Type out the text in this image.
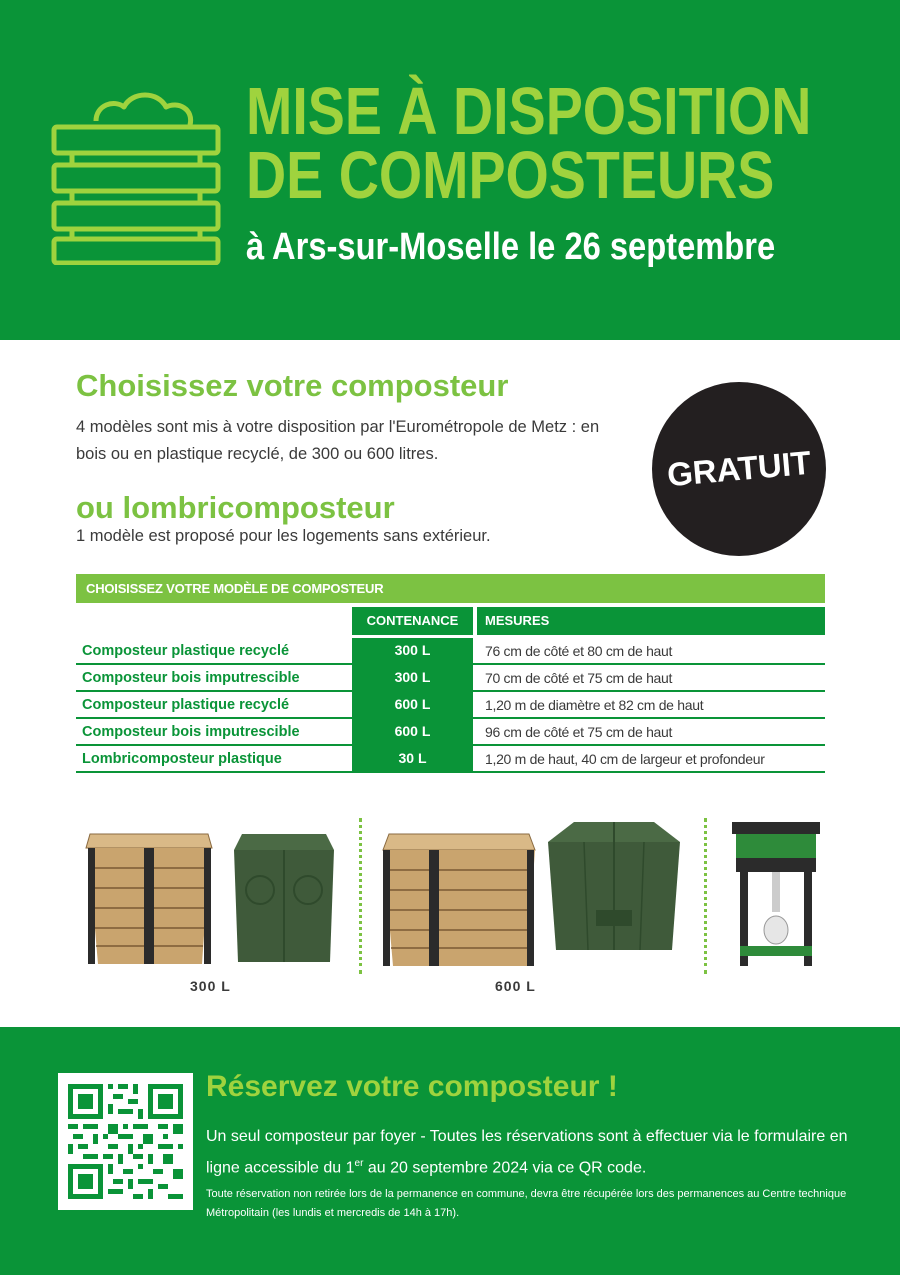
MISE À DISPOSITION
DE COMPOSTEURS
à Ars-sur-Moselle le 26 septembre
Choisissez votre composteur
4 modèles sont mis à votre disposition par l'Eurométropole de Metz : en bois ou en plastique recyclé, de 300 ou 600 litres.
ou lombricomposteur
1 modèle est proposé pour les logements sans extérieur.
GRATUIT
CHOISISSEZ VOTRE MODÈLE DE COMPOSTEUR
CONTENANCE	MESURES
Composteur plastique recyclé	300 L	76 cm de côté et 80 cm de haut
Composteur bois imputrescible	300 L	70 cm de côté et 75 cm de haut
Composteur plastique recyclé	600 L	1,20 m de diamètre et 82 cm de haut
Composteur bois imputrescible	600 L	96 cm de côté et 75 cm de haut
Lombricomposteur plastique	30 L	1,20 m de haut, 40 cm de largeur et profondeur
300 L	600 L
Réservez votre composteur !
Un seul composteur par foyer - Toutes les réservations sont à effectuer via le formulaire en ligne accessible du 1er au 20 septembre 2024 via ce QR code.
Toute réservation non retirée lors de la permanence en commune, devra être récupérée lors des permanences au Centre technique Métropolitain (les lundis et mercredis de 14h à 17h).
